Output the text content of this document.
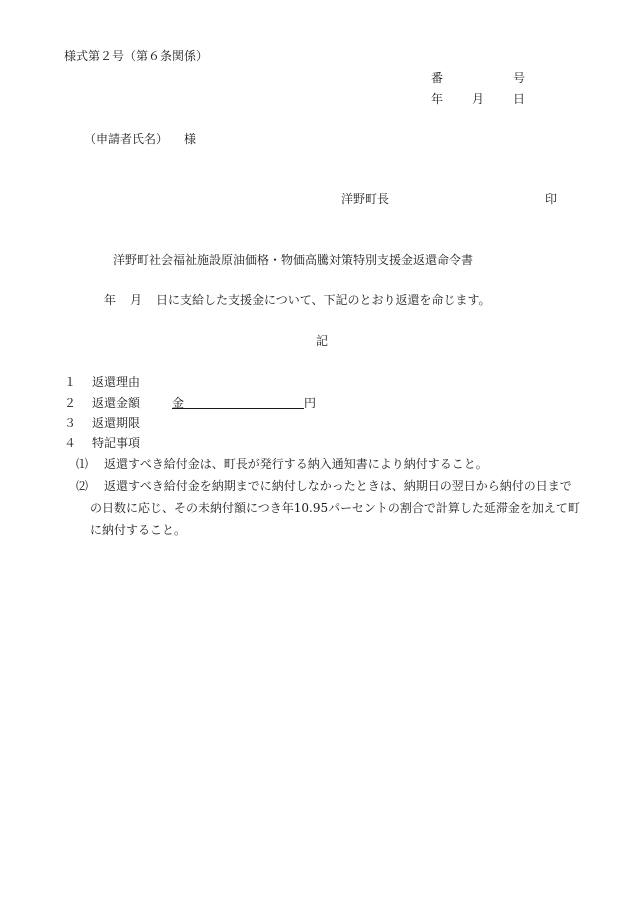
様式第２号（第６条関係）
番	号
年 月 日
（申請者氏名） 様
洋野町長	印
洋野町社会福祉施設原油価格・物価高騰対策特別支援金返還命令書
年 月 日に支給した支援金について、下記のとおり返還を命じます。
記
１ 返還理由
２ 返還金額	金　　　　　　　　　　	円
３ 返還期限
４ 特記事項
⑴ 返還すべき給付金は、町長が発行する納入通知書により納付すること。
⑵ 返還すべき給付金を納期までに納付しなかったときは、納期日の翌日から納付の日までの日数に応じ、その未納付額につき年10.95パーセントの割合で計算した延滞金を加えて町に納付すること。
